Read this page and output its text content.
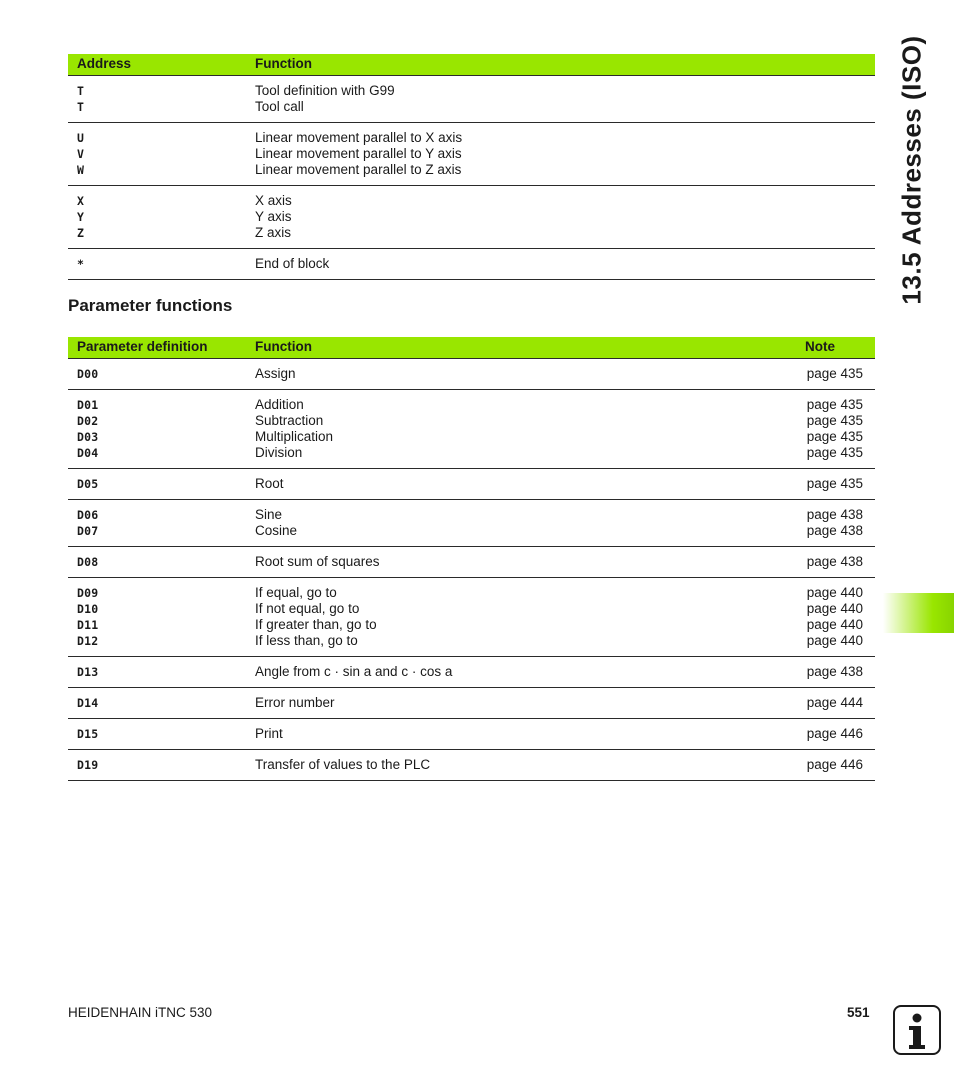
13.5 Addresses (ISO)
Address	Function
T	Tool definition with G99
T	Tool call
U	Linear movement parallel to X axis
V	Linear movement parallel to Y axis
W	Linear movement parallel to Z axis
X	X axis
Y	Y axis
Z	Z axis
*	End of block
Parameter functions
Parameter definition	Function	Note
D00	Assign	page 435
D01	Addition	page 435
D02	Subtraction	page 435
D03	Multiplication	page 435
D04	Division	page 435
D05	Root	page 435
D06	Sine	page 438
D07	Cosine	page 438
D08	Root sum of squares	page 438
D09	If equal, go to	page 440
D10	If not equal, go to	page 440
D11	If greater than, go to	page 440
D12	If less than, go to	page 440
D13	Angle from c · sin a and c · cos a	page 438
D14	Error number	page 444
D15	Print	page 446
D19	Transfer of values to the PLC	page 446
HEIDENHAIN iTNC 530	551
